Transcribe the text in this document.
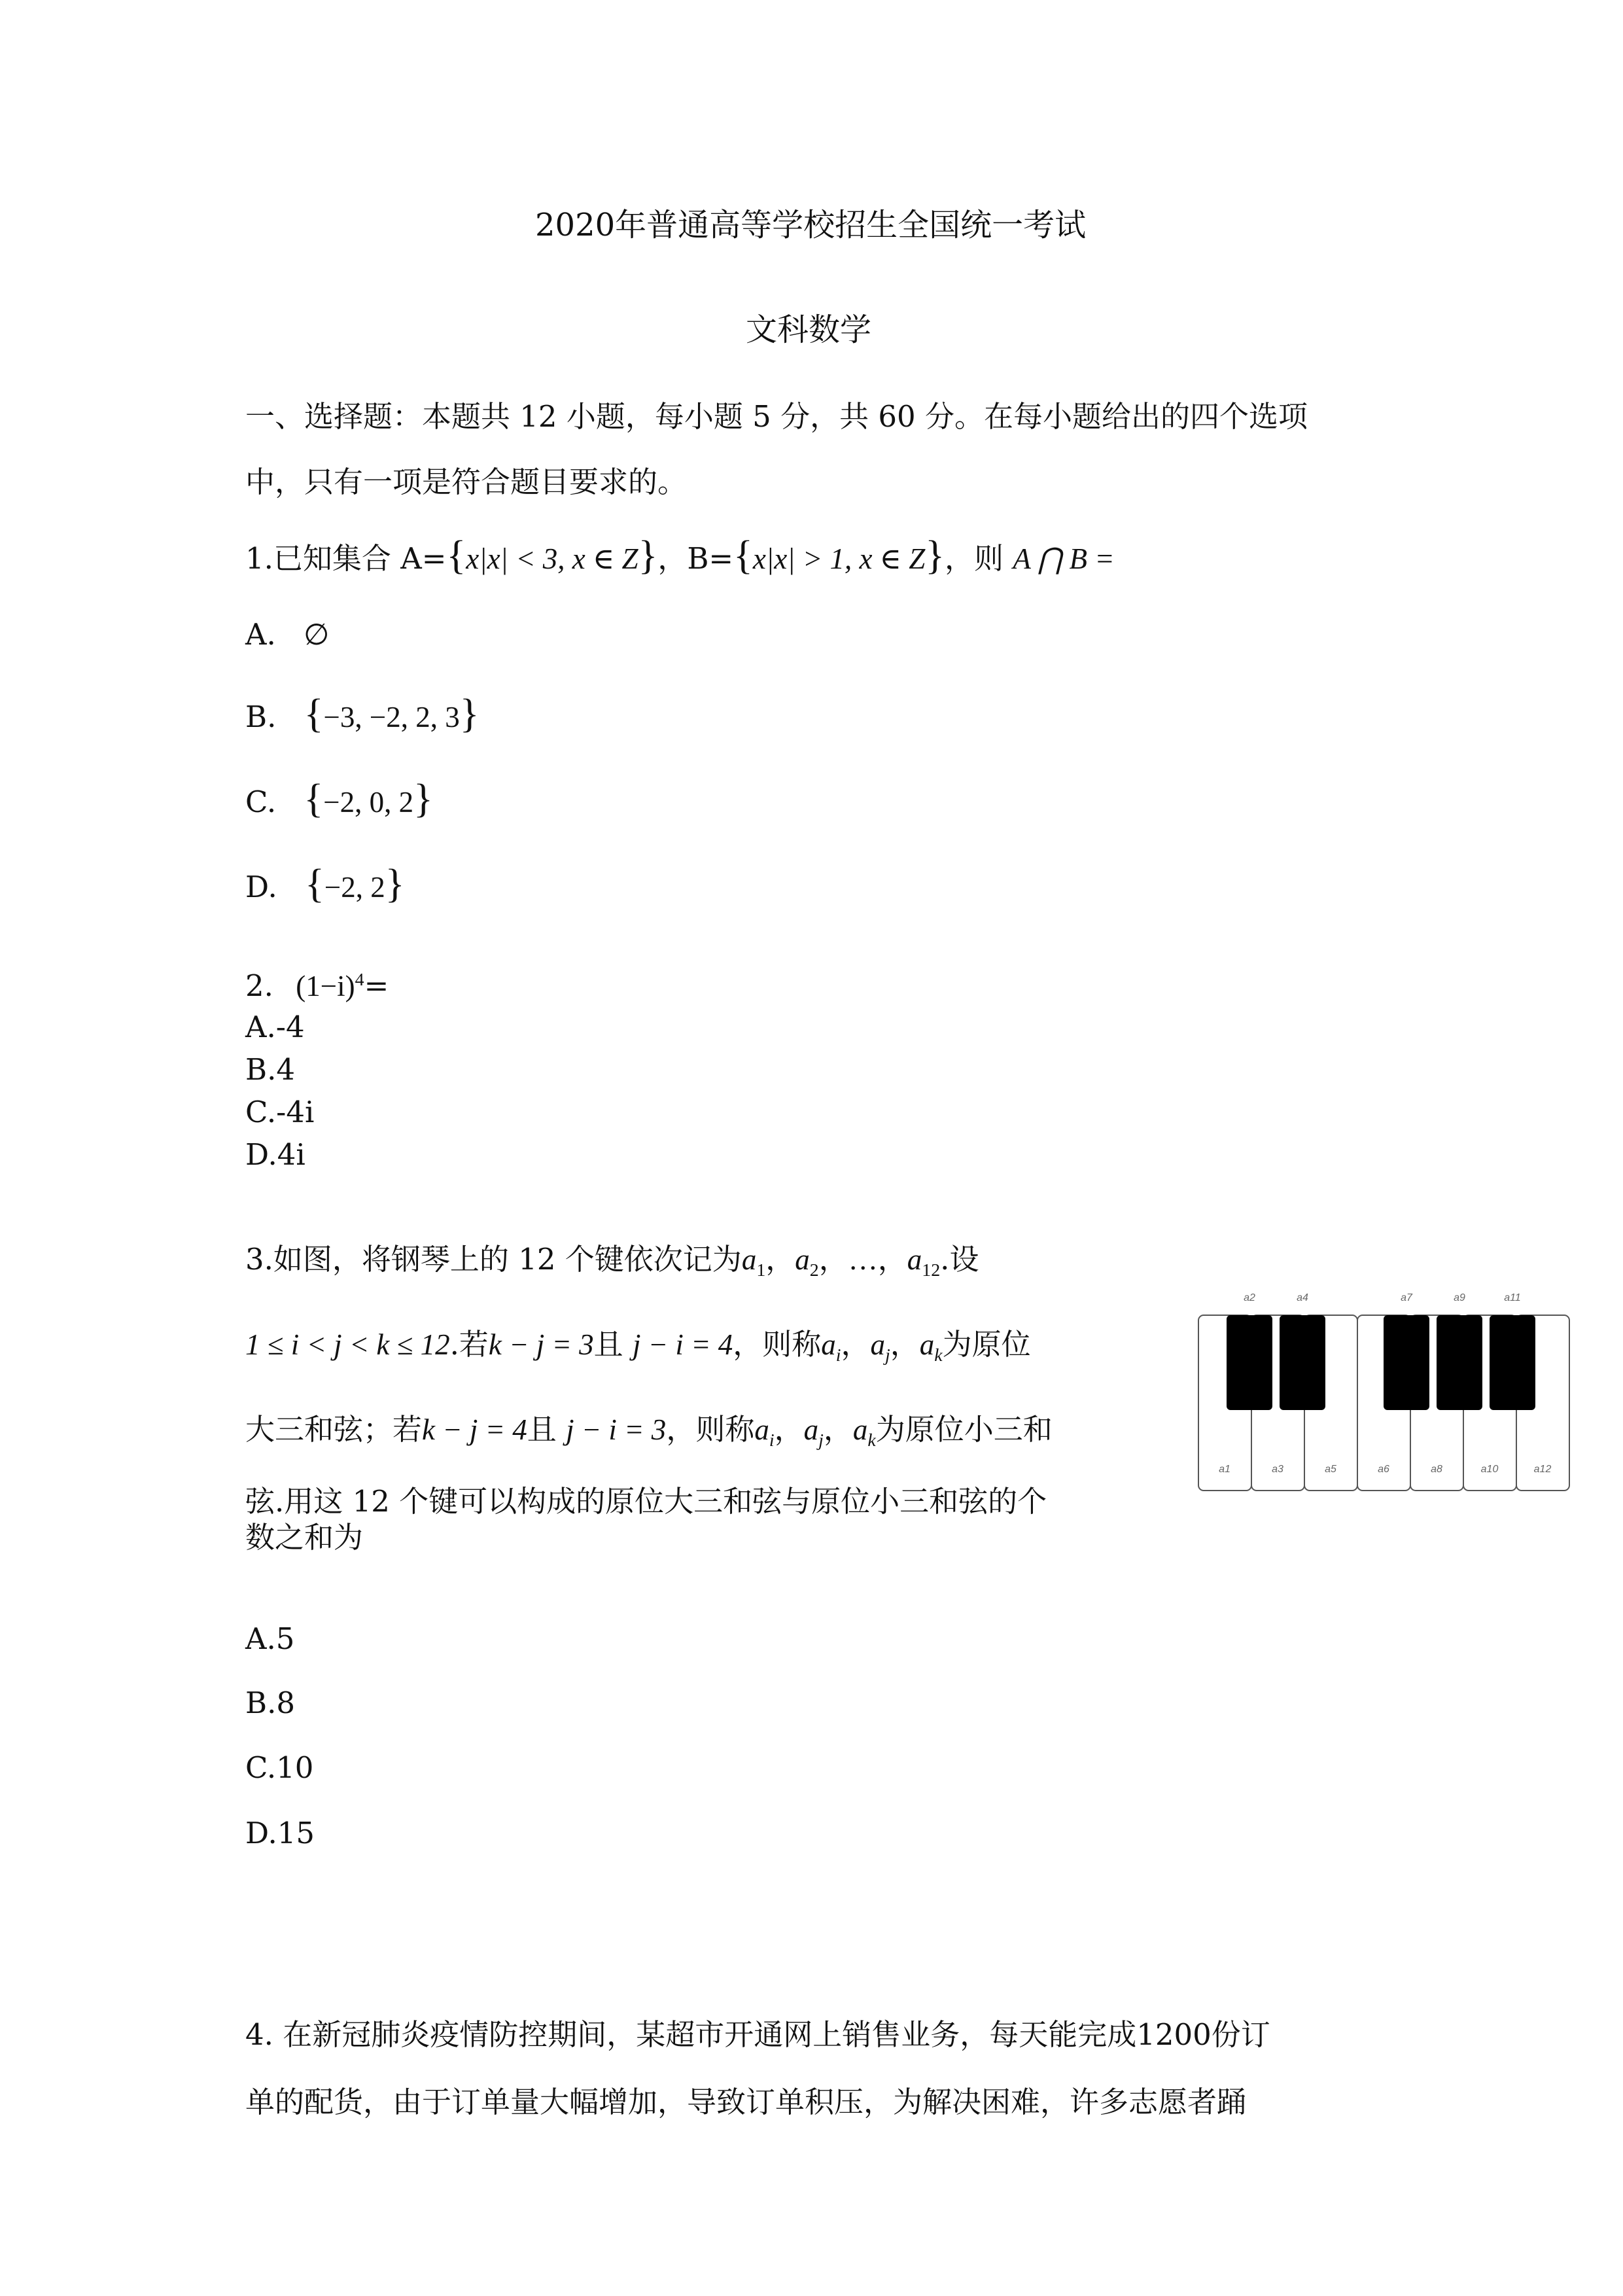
2020年普通高等学校招生全国统一考试
文科数学
一、选择题：本题共 12 小题，每小题 5 分，共 60 分。在每小题给出的四个选项
中，只有一项是符合题目要求的。
1.已知集合 A={x|x| < 3, x ∈ Z}，B={x|x| > 1, x ∈ Z}，则 A ⋂ B =
A. ∅
B. {−3, −2, 2, 3}
C. {−2, 0, 2}
D. {−2, 2}
2. $(1-i)^4=$
A.-4
B.4
C.-4i
D.4i
3.如图，将钢琴上的 12 个键依次记为$a_1$，$a_2$，…，$a_{12}$.设
1 ≤ i < j < k ≤ 12.若k − j = 3且 j − i = 4，则称$a_i$，$a_j$，$a_k$为原位
大三和弦；若k − j = 4且 j − i = 3，则称$a_i$，$a_j$，$a_k$为原位小三和
弦.用这 12 个键可以构成的原位大三和弦与原位小三和弦的个
数之和为
A.5
B.8
C.10
D.15
a2	a4	a7	a9	a11
a1	a3	a5	a6	a8	a10	a12
4. 在新冠肺炎疫情防控期间，某超市开通网上销售业务，每天能完成1200份订
单的配货，由于订单量大幅增加，导致订单积压，为解决困难，许多志愿者踊
